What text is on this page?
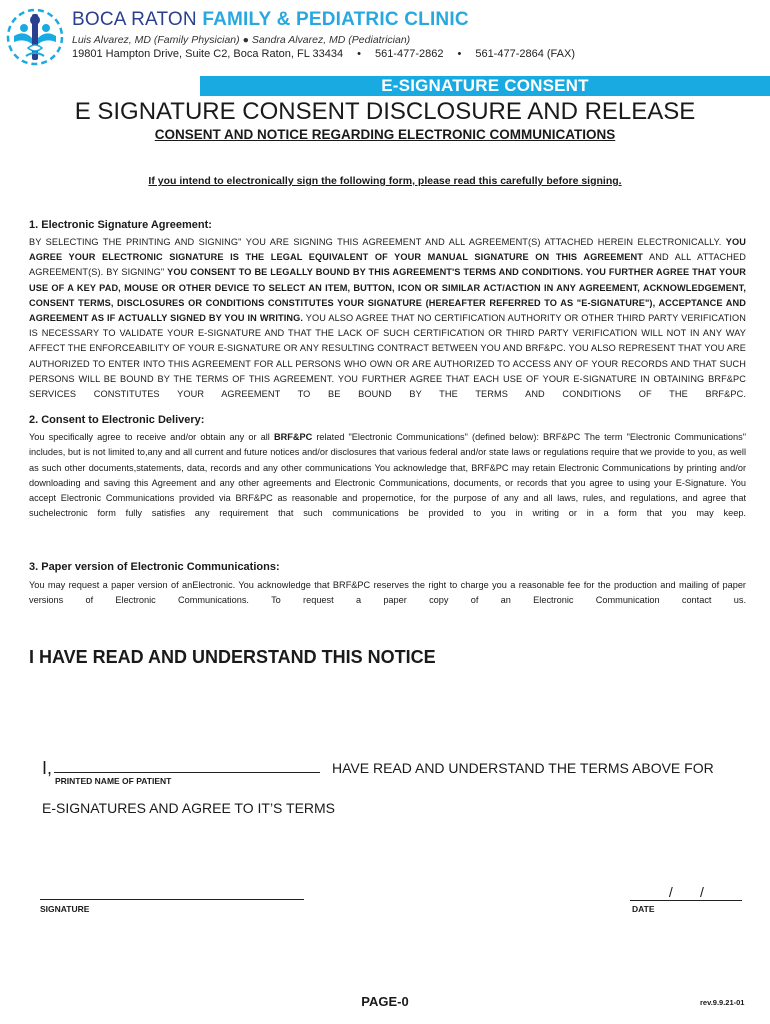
BOCA RATON FAMILY & PEDIATRIC CLINIC
Luis Alvarez, MD (Family Physician) ● Sandra Alvarez, MD (Pediatrician)
19801 Hampton Drive, Suite C2, Boca Raton, FL 33434 • 561-477-2862 • 561-477-2864 (FAX)
E-SIGNATURE CONSENT
E SIGNATURE CONSENT DISCLOSURE AND RELEASE
CONSENT AND NOTICE REGARDING ELECTRONIC COMMUNICATIONS
If you intend to electronically sign the following form, please read this carefully before signing.
1. Electronic Signature Agreement:
BY SELECTING THE PRINTING AND SIGNING" YOU ARE SIGNING THIS AGREEMENT AND ALL AGREEMENT(S) ATTACHED HEREIN ELECTRONICALLY. YOU AGREE YOUR ELECTRONIC SIGNATURE IS THE LEGAL EQUIVALENT OF YOUR MANUAL SIGNATURE ON THIS AGREEMENT AND ALL ATTACHED AGREEMENT(S). BY SIGNING" YOU CONSENT TO BE LEGALLY BOUND BY THIS AGREEMENT'S TERMS AND CONDITIONS. YOU FURTHER AGREE THAT YOUR USE OF A KEY PAD, MOUSE OR OTHER DEVICE TO SELECT AN ITEM, BUTTON, ICON OR SIMILAR ACT/ACTION IN ANY AGREEMENT, ACKNOWLEDGEMENT, CONSENT TERMS, DISCLOSURES OR CONDITIONS CONSTITUTES YOUR SIGNATURE (HEREAFTER REFERRED TO AS "E-SIGNATURE"), ACCEPTANCE AND AGREEMENT AS IF ACTUALLY SIGNED BY YOU IN WRITING. YOU ALSO AGREE THAT NO CERTIFICATION AUTHORITY OR OTHER THIRD PARTY VERIFICATION IS NECESSARY TO VALIDATE YOUR E-SIGNATURE AND THAT THE LACK OF SUCH CERTIFICATION OR THIRD PARTY VERIFICATION WILL NOT IN ANY WAY AFFECT THE ENFORCEABILITY OF YOUR E-SIGNATURE OR ANY RESULTING CONTRACT BETWEEN YOU AND BRF&PC. YOU ALSO REPRESENT THAT YOU ARE AUTHORIZED TO ENTER INTO THIS AGREEMENT FOR ALL PERSONS WHO OWN OR ARE AUTHORIZED TO ACCESS ANY OF YOUR RECORDS AND THAT SUCH PERSONS WILL BE BOUND BY THE TERMS OF THIS AGREEMENT. YOU FURTHER AGREE THAT EACH USE OF YOUR E-SIGNATURE IN OBTAINING BRF&PC SERVICES CONSTITUTES YOUR AGREEMENT TO BE BOUND BY THE TERMS AND CONDITIONS OF THE BRF&PC.
2. Consent to Electronic Delivery:
You specifically agree to receive and/or obtain any or all BRF&PC related "Electronic Communications" (defined below): BRF&PC The term "Electronic Communications" includes, but is not limited to,any and all current and future notices and/or disclosures that various federal and/or state laws or regulations require that we provide to you, as well as such other documents,statements, data, records and any other communications You acknowledge that, BRF&PC may retain Electronic Communications by printing and/or downloading and saving this Agreement and any other agreements and Electronic Communications, documents, or records that you agree to using your E-Signature. You accept Electronic Communications provided via BRF&PC as reasonable and propernotice, for the purpose of any and all laws, rules, and regulations, and agree that suchelectronic form fully satisfies any requirement that such communications be provided to you in writing or in a form that you may keep.
3. Paper version of Electronic Communications:
You may request a paper version of anElectronic. You acknowledge that BRF&PC reserves the right to charge you a reasonable fee for the production and mailing of paper versions of Electronic Communications. To request a paper copy of an Electronic Communication contact us.
I HAVE READ AND UNDERSTAND THIS NOTICE
I,
PRINTED NAME OF PATIENT
HAVE READ AND UNDERSTAND THE TERMS ABOVE FOR
E-SIGNATURES AND AGREE TO IT’S TERMS
SIGNATURE
/       /
DATE
PAGE-0	rev.9.9.21-01
